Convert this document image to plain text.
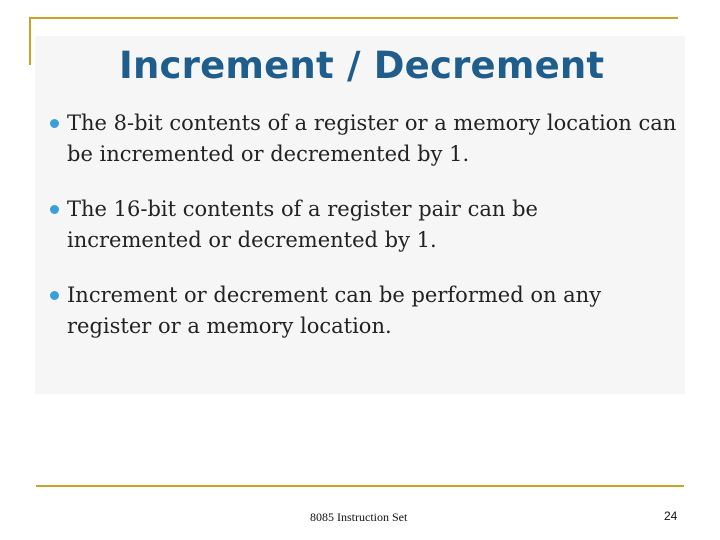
Increment / Decrement
The 8-bit contents of a register or a memory location can be incremented or decremented by 1.
The 16-bit contents of a register pair can be incremented or decremented by 1.
Increment or decrement can be performed on any register or a memory location.
8085 Instruction Set	24
